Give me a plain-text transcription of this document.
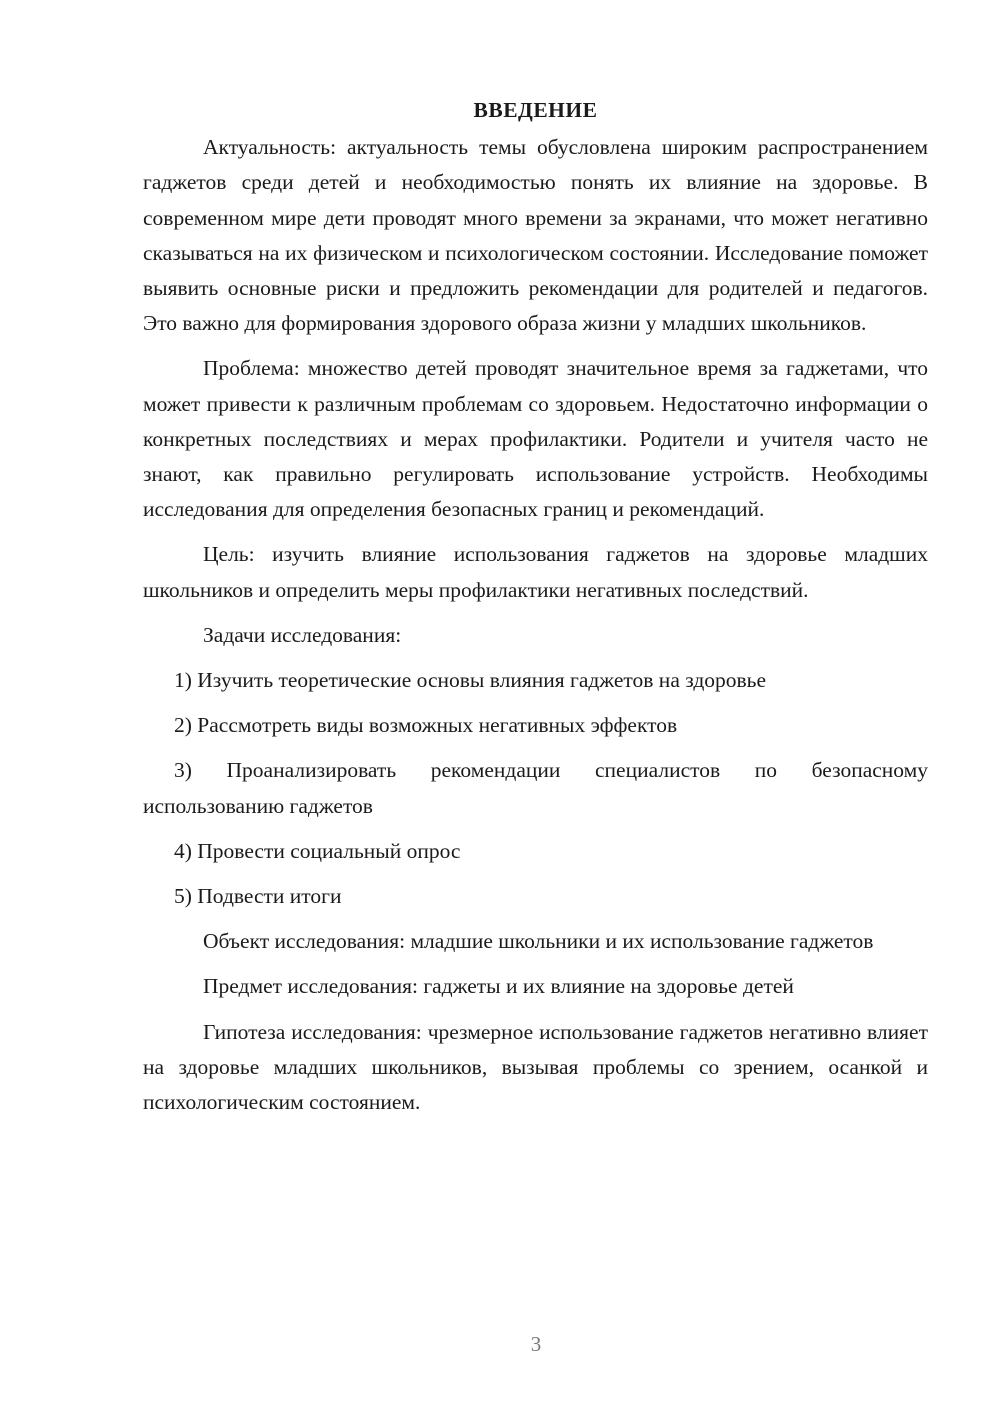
ВВЕДЕНИЕ

Актуальность: актуальность темы обусловлена широким распространением гаджетов среди детей и необходимостью понять их влияние на здоровье. В современном мире дети проводят много времени за экранами, что может негативно сказываться на их физическом и психологическом состоянии. Исследование поможет выявить основные риски и предложить рекомендации для родителей и педагогов. Это важно для формирования здорового образа жизни у младших школьников.

Проблема: множество детей проводят значительное время за гаджетами, что может привести к различным проблемам со здоровьем. Недостаточно информации о конкретных последствиях и мерах профилактики. Родители и учителя часто не знают, как правильно регулировать использование устройств. Необходимы исследования для определения безопасных границ и рекомендаций.

Цель: изучить влияние использования гаджетов на здоровье младших школьников и определить меры профилактики негативных последствий.

Задачи исследования:

1) Изучить теоретические основы влияния гаджетов на здоровье

2) Рассмотреть виды возможных негативных эффектов

3) Проанализировать рекомендации специалистов по безопасному использованию гаджетов

4) Провести социальный опрос

5) Подвести итоги

Объект исследования: младшие школьники и их использование гаджетов

Предмет исследования: гаджеты и их влияние на здоровье детей

Гипотеза исследования: чрезмерное использование гаджетов негативно влияет на здоровье младших школьников, вызывая проблемы со зрением, осанкой и психологическим состоянием.

3
